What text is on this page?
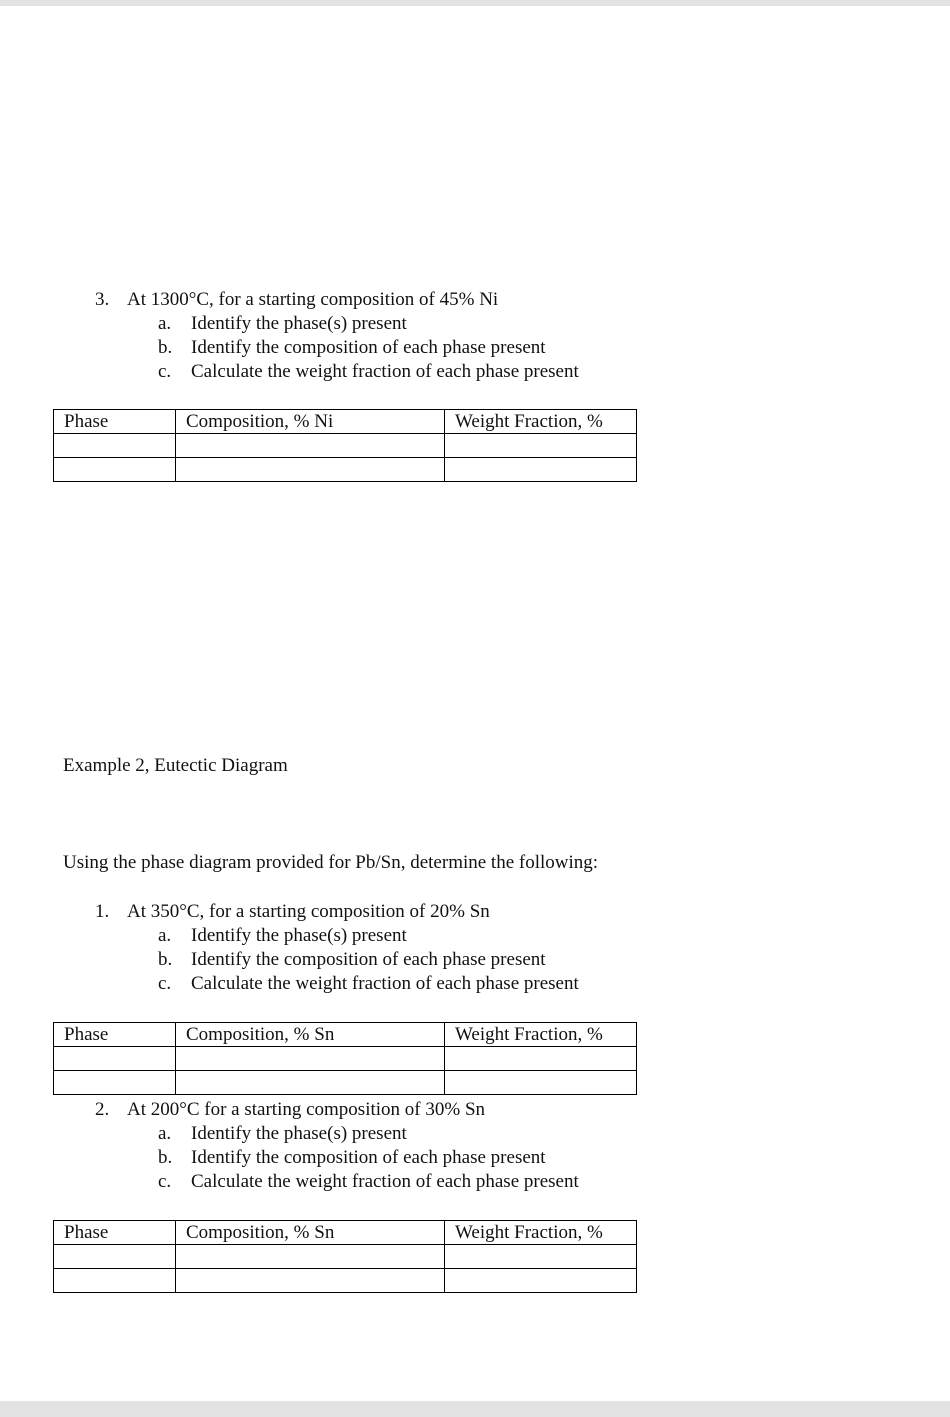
3. At 1300°C, for a starting composition of 45% Ni
a. Identify the phase(s) present
b. Identify the composition of each phase present
c. Calculate the weight fraction of each phase present
Phase	Composition, % Ni	Weight Fraction, %

Example 2, Eutectic Diagram
Using the phase diagram provided for Pb/Sn, determine the following:
1. At 350°C, for a starting composition of 20% Sn
a. Identify the phase(s) present
b. Identify the composition of each phase present
c. Calculate the weight fraction of each phase present
Phase	Composition, % Sn	Weight Fraction, %

2. At 200°C for a starting composition of 30% Sn
a. Identify the phase(s) present
b. Identify the composition of each phase present
c. Calculate the weight fraction of each phase present
Phase	Composition, % Sn	Weight Fraction, %
